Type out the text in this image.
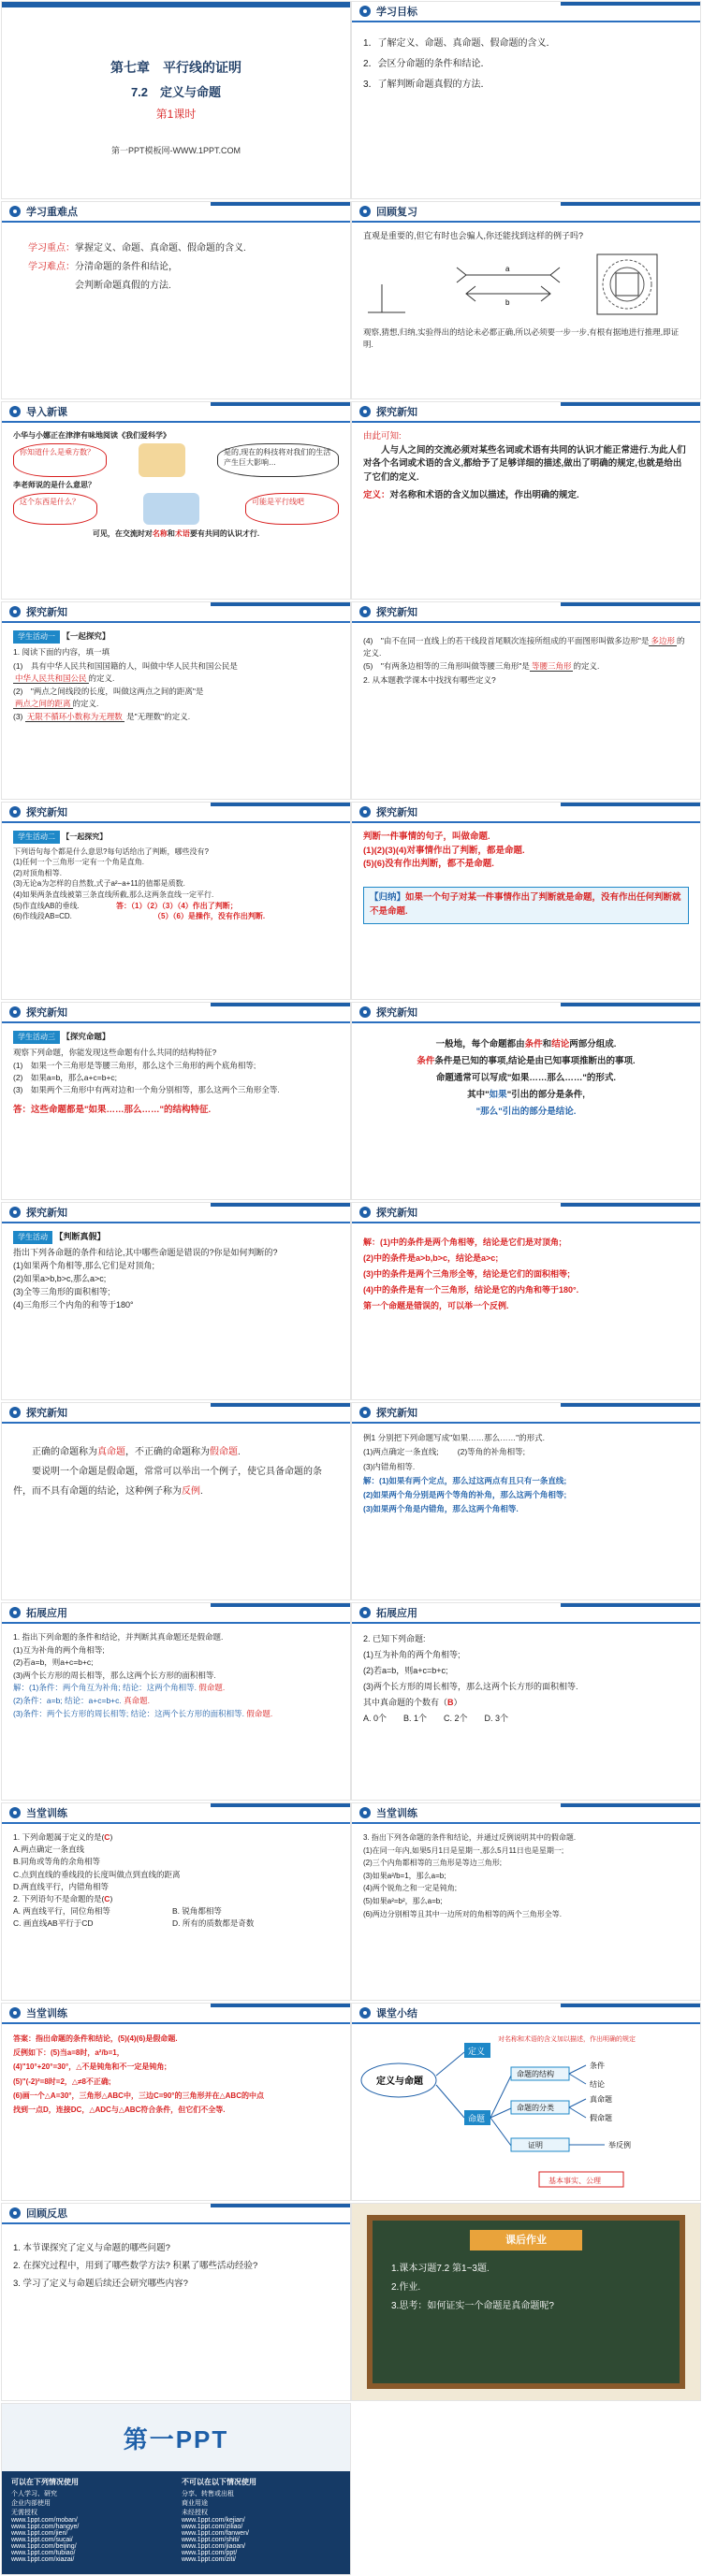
第七章　平行线的证明
7.2　定义与命题
第1课时
第一PPT模板网-WWW.1PPT.COM
学习目标
1．了解定义、命题、真命题、假命题的含义．
2．会区分命题的条件和结论．
3．了解判断命题真假的方法．
学习重难点
学习重点：掌握定义、命题、真命题、假命题的含义.
学习难点：分清命题的条件和结论，
会判断命题真假的方法.
回顾复习
直观是重要的,但它有时也会骗人,你还能找到这样的例子吗?
a
b
观察,猜想,归纳,实验得出的结论未必都正确,所以必须要一步一步,有根有据地进行推理,即证明.
导入新课
小华与小娜正在津津有味地阅读《我们爱科学》
你知道什么是乘方数？	是的,现在的科技将对我们的生活产生巨大影响…
李老师说的是什么意思？
这个东西是什么？	可能是平行线吧
可见，在交流时对名称和术语要有共同的认识才行.
探究新知
由此可知:
人与人之间的交流必须对某些名词或术语有共同的认识才能正常进行.为此人们对各个名词或术语的含义,都给予了足够详细的描述,做出了明确的规定,也就是给出了它们的定义.
定义：对名称和术语的含义加以描述，作出明确的规定.
探究新知
学生活动一 【一起探究】
1. 阅读下面的内容，填一填
(1)　具有中华人民共和国国籍的人，叫做中华人民共和国公民是
中华人民共和国公民 的定义.
(2)　"两点之间线段的长度，叫做这两点之间的距离"是
两点之间的距离 的定义.
(3) 无限不循环小数称为无理数 是"无理数"的定义.
探究新知
(4)　"由不在同一直线上的若干线段首尾顺次连接所组成的平面图形叫做多边形"是 多边形 的定义.
(5)　"有两条边相等的三角形叫做等腰三角形"是 等腰三角形 的定义.
2. 从本题教学课本中找找有哪些定义?
探究新知
学生活动二 【一起探究】
下列语句每个都是什么意思?每句话给出了判断，哪些没有?
(1)任何一个三角形一定有一个角是直角.
(2)对顶角相等.
(3)无论a为怎样的自然数,式子a²−a+11的值都是质数.
(4)如果两条直线被第三条直线所截,那么这两条直线一定平行.
(5)作直线AB的垂线.	答：（1）（2）（3）（4）作出了判断；
(6)作线段AB=CD.	（5）（6）是操作，没有作出判断.
探究新知
判断一件事情的句子，叫做命题.
(1)(2)(3)(4)对事情作出了判断，都是命题.
(5)(6)没有作出判断，都不是命题.
【归纳】如果一个句子对某一件事情作出了判断就是命题，没有作出任何判断就不是命题.
探究新知
学生活动三 【探究命题】
观察下列命题，你能发现这些命题有什么共同的结构特征?
(1)　如果一个三角形是等腰三角形，那么这个三角形的两个底角相等;
(2)　如果a=b，那么a+c=b+c;
(3)　如果两个三角形中有两对边和一个角分别相等，那么这两个三角形全等.
答：这些命题都是"如果……那么……"的结构特征.
探究新知
一般地，每个命题都由条件和结论两部分组成.
条件条件是已知的事项,结论是由已知事项推断出的事项.
命题通常可以写成"如果……那么……"的形式.
其中"如果"引出的部分是条件,
"那么"引出的部分是结论.
探究新知
学生活动 【判断真假】
指出下列各命题的条件和结论,其中哪些命题是错误的?你是如何判断的?
(1)如果两个角相等,那么它们是对顶角;
(2)如果a>b,b>c,那么a>c;
(3)全等三角形的面积相等;
(4)三角形三个内角的和等于180°
探究新知
解：(1)中的条件是两个角相等，结论是它们是对顶角;
(2)中的条件是a>b,b>c，结论是a>c;
(3)中的条件是两个三角形全等，结论是它们的面积相等;
(4)中的条件是有一个三角形，结论是它的内角和等于180°.
第一个命题是错误的，可以举一个反例.
探究新知
正确的命题称为真命题，不正确的命题称为假命题.
要说明一个命题是假命题，常常可以举出一个例子，使它具备命题的条件，而不具有命题的结论，这种例子称为反例.
探究新知
例1 分别把下列命题写成"如果……那么……"的形式.
(1)两点确定一条直线; (2)等角的补角相等;
(3)内错角相等.
解：(1)如果有两个定点，那么过这两点有且只有一条直线;
(2)如果两个角分别是两个等角的补角，那么这两个角相等;
(3)如果两个角是内错角，那么这两个角相等.
拓展应用
1. 指出下列命题的条件和结论，并判断其真命题还是假命题.
(1)互为补角的两个角相等;
(2)若a=b，则a+c=b+c;
(3)两个长方形的周长相等，那么这两个长方形的面积相等.
解：(1)条件：两个角互为补角; 结论：这两个角相等. 假命题.
(2)条件：a=b; 结论：a+c=b+c. 真命题.
(3)条件：两个长方形的周长相等; 结论：这两个长方形的面积相等. 假命题.
拓展应用
2. 已知下列命题:
(1)互为补角的两个角相等;
(2)若a=b，则a+c=b+c;
(3)两个长方形的周长相等，那么这两个长方形的面积相等.
其中真命题的个数有（B）
A. 0个　　B. 1个　　C. 2个　　D. 3个
当堂训练
1. 下列命题属于定义的是(C)
A.两点确定一条直线
B.同角或等角的余角相等
C.点到直线的垂线段的长度叫做点到直线的距离
D.两直线平行，内错角相等
2. 下列语句不是命题的是(C)
A. 两直线平行，同位角相等	B. 锐角都相等
C. 画直线AB平行于CD	D. 所有的质数都是奇数
当堂训练
3. 指出下列各命题的条件和结论，并通过反例说明其中的假命题.
(1)在同一年内,如果5月1日是星期一,那么5月11日也是星期一;
(2)三个内角都相等的三角形是等边三角形;
(3)如果a²/b=1，那么a=b;
(4)两个锐角之和一定是钝角;
(5)如果a²=b²，那么a=b;
(6)两边分别相等且其中一边所对的角相等的两个三角形全等.
当堂训练
答案：指出命题的条件和结论，(5)(4)(6)是假命题.
反例如下：(5)当a=8时，a²/b=1，
(4)"10°+20°=30°，△不是钝角和不一定是钝角;
(5)"(-2)²=8时=2，△≠8不正确;
(6)画一个△A=30°，三角形△ABC中，三边C=90°的三角形并在△ABC的中点
找到一点D，连接DC，△ADC与△ABC符合条件，但它们不全等.
课堂小结
定义与命题
定义
对名称和术语的含义加以描述，作出明确的规定
命题
命题的结构
命题的分类
证明
条件
结论
真命题
假命题
举反例
基本事实、公理
回顾反思
1. 本节课探究了定义与命题的哪些问题?
2. 在探究过程中，用到了哪些数学方法? 积累了哪些活动经验?
3. 学习了定义与命题后续还会研究哪些内容?
课后作业
1.课本习题7.2 第1~3题.
2.作业.
3.思考：如何证实一个命题是真命题呢?
第一PPT
可以在下列情况使用
个人学习、研究
企业内部使用
无需授权
www.1ppt.com/moban/
www.1ppt.com/hangye/
www.1ppt.com/jieri/
www.1ppt.com/sucai/
www.1ppt.com/beijing/
www.1ppt.com/tubiao/
www.1ppt.com/xiazai/
不可以在以下情况使用
分享、转售或出租
商业用途
未经授权
www.1ppt.com/kejian/
www.1ppt.com/ziliao/
www.1ppt.com/fanwen/
www.1ppt.com/shiti/
www.1ppt.com/jiaoan/
www.1ppt.com/ppt/
www.1ppt.com/ziti/
